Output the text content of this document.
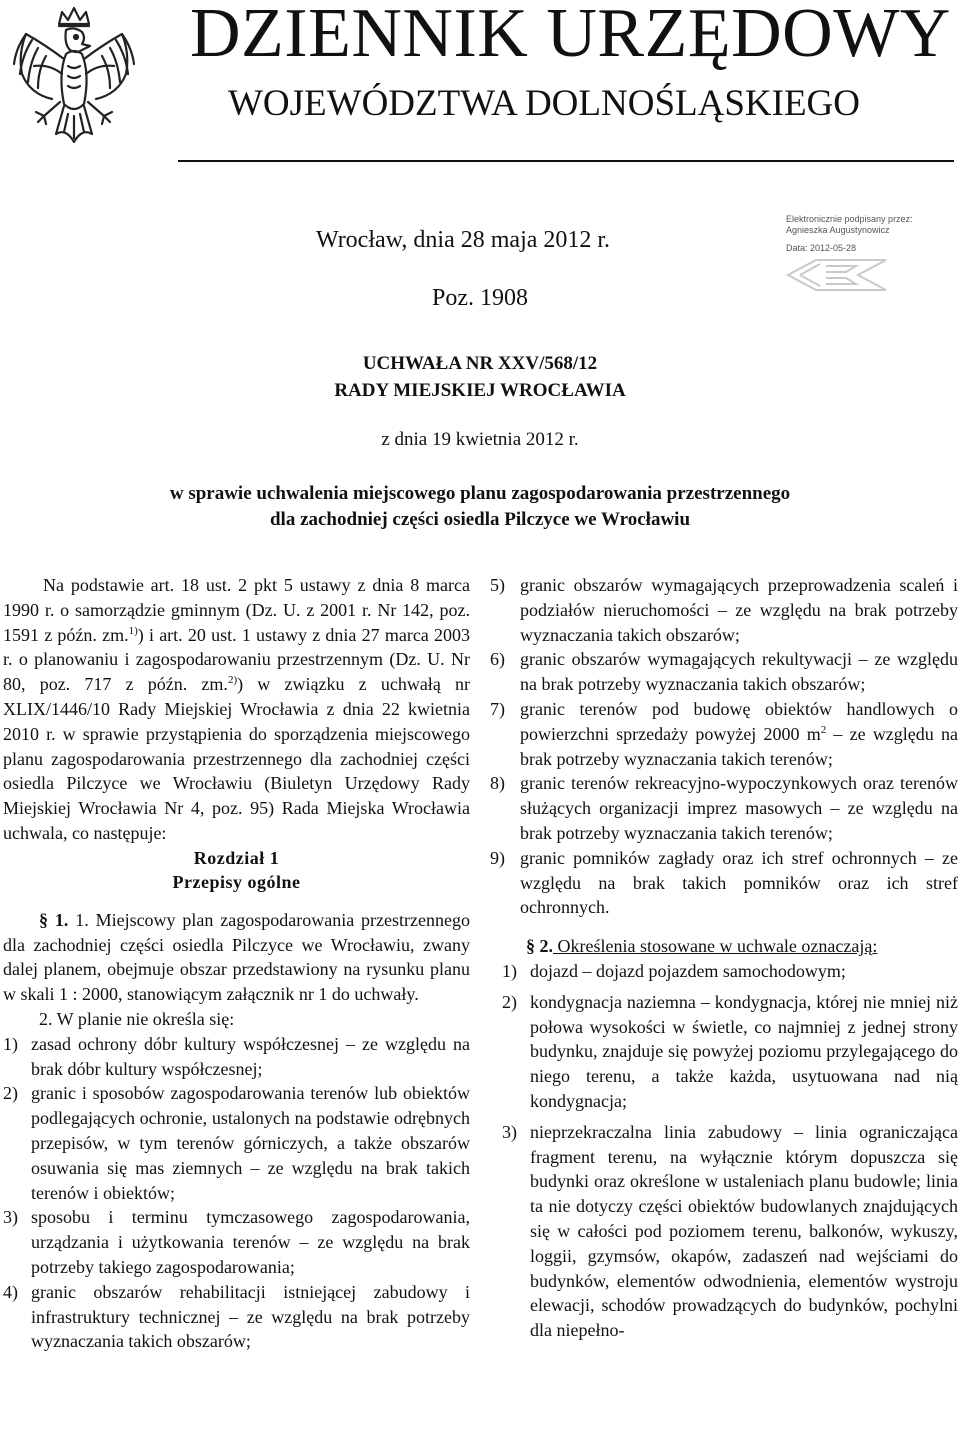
DZIENNIK URZĘDOWY
WOJEWÓDZTWA DOLNOŚLĄSKIEGO
Wrocław, dnia 28 maja 2012 r.
Elektronicznie podpisany przez:
Agnieszka Augustynowicz
Data: 2012-05-28
Poz. 1908
UCHWAŁA NR XXV/568/12
RADY MIEJSKIEJ WROCŁAWIA
z dnia 19 kwietnia 2012 r.
w sprawie uchwalenia miejscowego planu zagospodarowania przestrzennego
dla zachodniej części osiedla Pilczyce we Wrocławiu

Na podstawie art. 18 ust. 2 pkt 5 ustawy z dnia 8 marca 1990 r. o samorządzie gminnym (Dz. U. z 2001 r. Nr 142, poz. 1591 z późn. zm.$^{1)}$) i art. 20 ust. 1 ustawy z dnia 27 marca 2003 r. o planowaniu i zagospodarowaniu przestrzennym (Dz. U. Nr 80, poz. 717 z późn. zm.$^{2)}$) w związku z uchwałą nr XLIX/1446/10 Rady Miejskiej Wrocławia z dnia 22 kwietnia 2010 r. w sprawie przystąpienia do sporządzenia miejscowego planu zagospodarowania przestrzennego dla zachodniej części osiedla Pilczyce we Wrocławiu (Biuletyn Urzędowy Rady Miejskiej Wrocławia Nr 4, poz. 95) Rada Miejska Wrocławia uchwala, co następuje:

Rozdział 1

Przepisy ogólne

§ 1. 1. Miejscowy plan zagospodarowania przestrzennego dla zachodniej części osiedla Pilczyce we Wrocławiu, zwany dalej planem, obejmuje obszar przedstawiony na rysunku planu w skali 1 : 2000, stanowiącym załącznik nr 1 do uchwały.

2. W planie nie określa się:

1) zasad ochrony dóbr kultury współczesnej – ze względu na brak dóbr kultury współczesnej;
2) granic i sposobów zagospodarowania terenów lub obiektów podlegających ochronie, ustalonych na podstawie odrębnych przepisów, w tym terenów górniczych, a także obszarów osuwania się mas ziemnych – ze względu na brak takich terenów i obiektów;
3) sposobu i terminu tymczasowego zagospodarowania, urządzania i użytkowania terenów – ze względu na brak potrzeby takiego zagospodarowania;
4) granic obszarów rehabilitacji istniejącej zabudowy i infrastruktury technicznej – ze względu na brak potrzeby wyznaczania takich obszarów;
5) granic obszarów wymagających przeprowadzenia scaleń i podziałów nieruchomości – ze względu na brak potrzeby wyznaczania takich obszarów;
6) granic obszarów wymagających rekultywacji – ze względu na brak potrzeby wyznaczania takich obszarów;
7) granic terenów pod budowę obiektów handlowych o powierzchni sprzedaży powyżej 2000 $m^2$ – ze względu na brak potrzeby wyznaczania takich terenów;
8) granic terenów rekreacyjno-wypoczynkowych oraz terenów służących organizacji imprez masowych – ze względu na brak potrzeby wyznaczania takich terenów;
9) granic pomników zagłady oraz ich stref ochronnych – ze względu na brak takich pomników oraz ich stref ochronnych.

§ 2. Określenia stosowane w uchwale oznaczają:

1) dojazd – dojazd pojazdem samochodowym;
2) kondygnacja naziemna – kondygnacja, której nie mniej niż połowa wysokości w świetle, co najmniej z jednej strony budynku, znajduje się powyżej poziomu przylegającego do niego terenu, a także każda, usytuowana nad nią kondygnacja;
3) nieprzekraczalna linia zabudowy – linia ograniczająca fragment terenu, na wyłącznie którym dopuszcza się budynki oraz określone w ustaleniach planu budowle; linia ta nie dotyczy części obiektów budowlanych znajdujących się w całości pod poziomem terenu, balkonów, wykuszy, loggii, gzymsów, okapów, zadaszeń nad wejściami do budynków, elementów odwodnienia, elementów wystroju elewacji, schodów prowadzących do budynków, pochylni dla niepełno-
